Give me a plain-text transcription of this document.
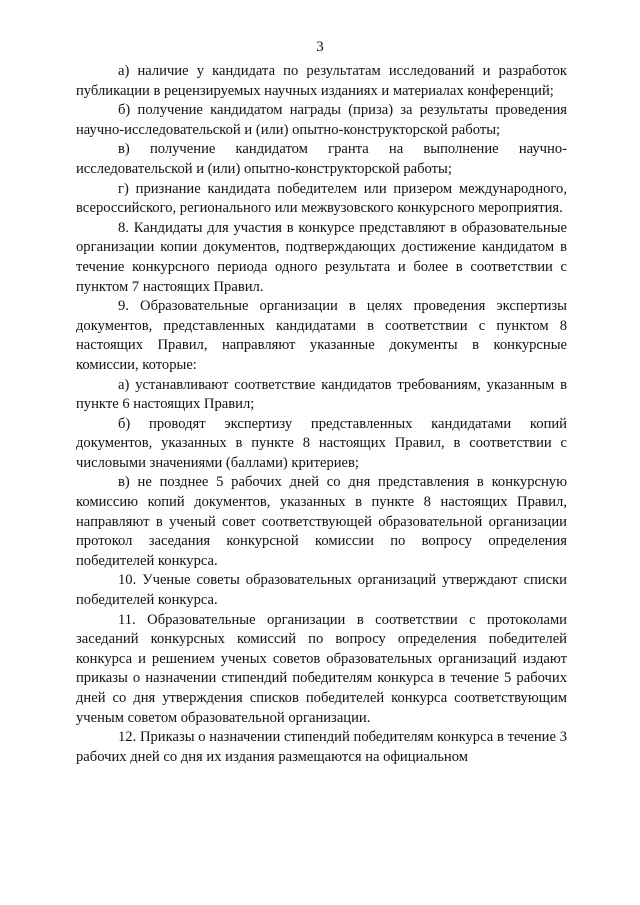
3

а) наличие у кандидата по результатам исследований и разработок публикации в рецензируемых научных изданиях и материалах конференций;

б) получение кандидатом награды (приза) за результаты проведения научно-исследовательской и (или) опытно-конструкторской работы;

в) получение кандидатом гранта на выполнение научно-исследовательской и (или) опытно-конструкторской работы;

г) признание кандидата победителем или призером международного, всероссийского, регионального или межвузовского конкурсного мероприятия.

8. Кандидаты для участия в конкурсе представляют в образовательные организации копии документов, подтверждающих достижение кандидатом в течение конкурсного периода одного результата и более в соответствии с пунктом 7 настоящих Правил.

9. Образовательные организации в целях проведения экспертизы документов, представленных кандидатами в соответствии с пунктом 8 настоящих Правил, направляют указанные документы в конкурсные комиссии, которые:

а) устанавливают соответствие кандидатов требованиям, указанным в пункте 6 настоящих Правил;

б) проводят экспертизу представленных кандидатами копий документов, указанных в пункте 8 настоящих Правил, в соответствии с числовыми значениями (баллами) критериев;

в) не позднее 5 рабочих дней со дня представления в конкурсную комиссию копий документов, указанных в пункте 8 настоящих Правил, направляют в ученый совет соответствующей образовательной организации протокол заседания конкурсной комиссии по вопросу определения победителей конкурса.

10. Ученые советы образовательных организаций утверждают списки победителей конкурса.

11. Образовательные организации в соответствии с протоколами заседаний конкурсных комиссий по вопросу определения победителей конкурса и решением ученых советов образовательных организаций издают приказы о назначении стипендий победителям конкурса в течение 5 рабочих дней со дня утверждения списков победителей конкурса соответствующим ученым советом образовательной организации.

12. Приказы о назначении стипендий победителям конкурса в течение 3 рабочих дней со дня их издания размещаются на официальном
